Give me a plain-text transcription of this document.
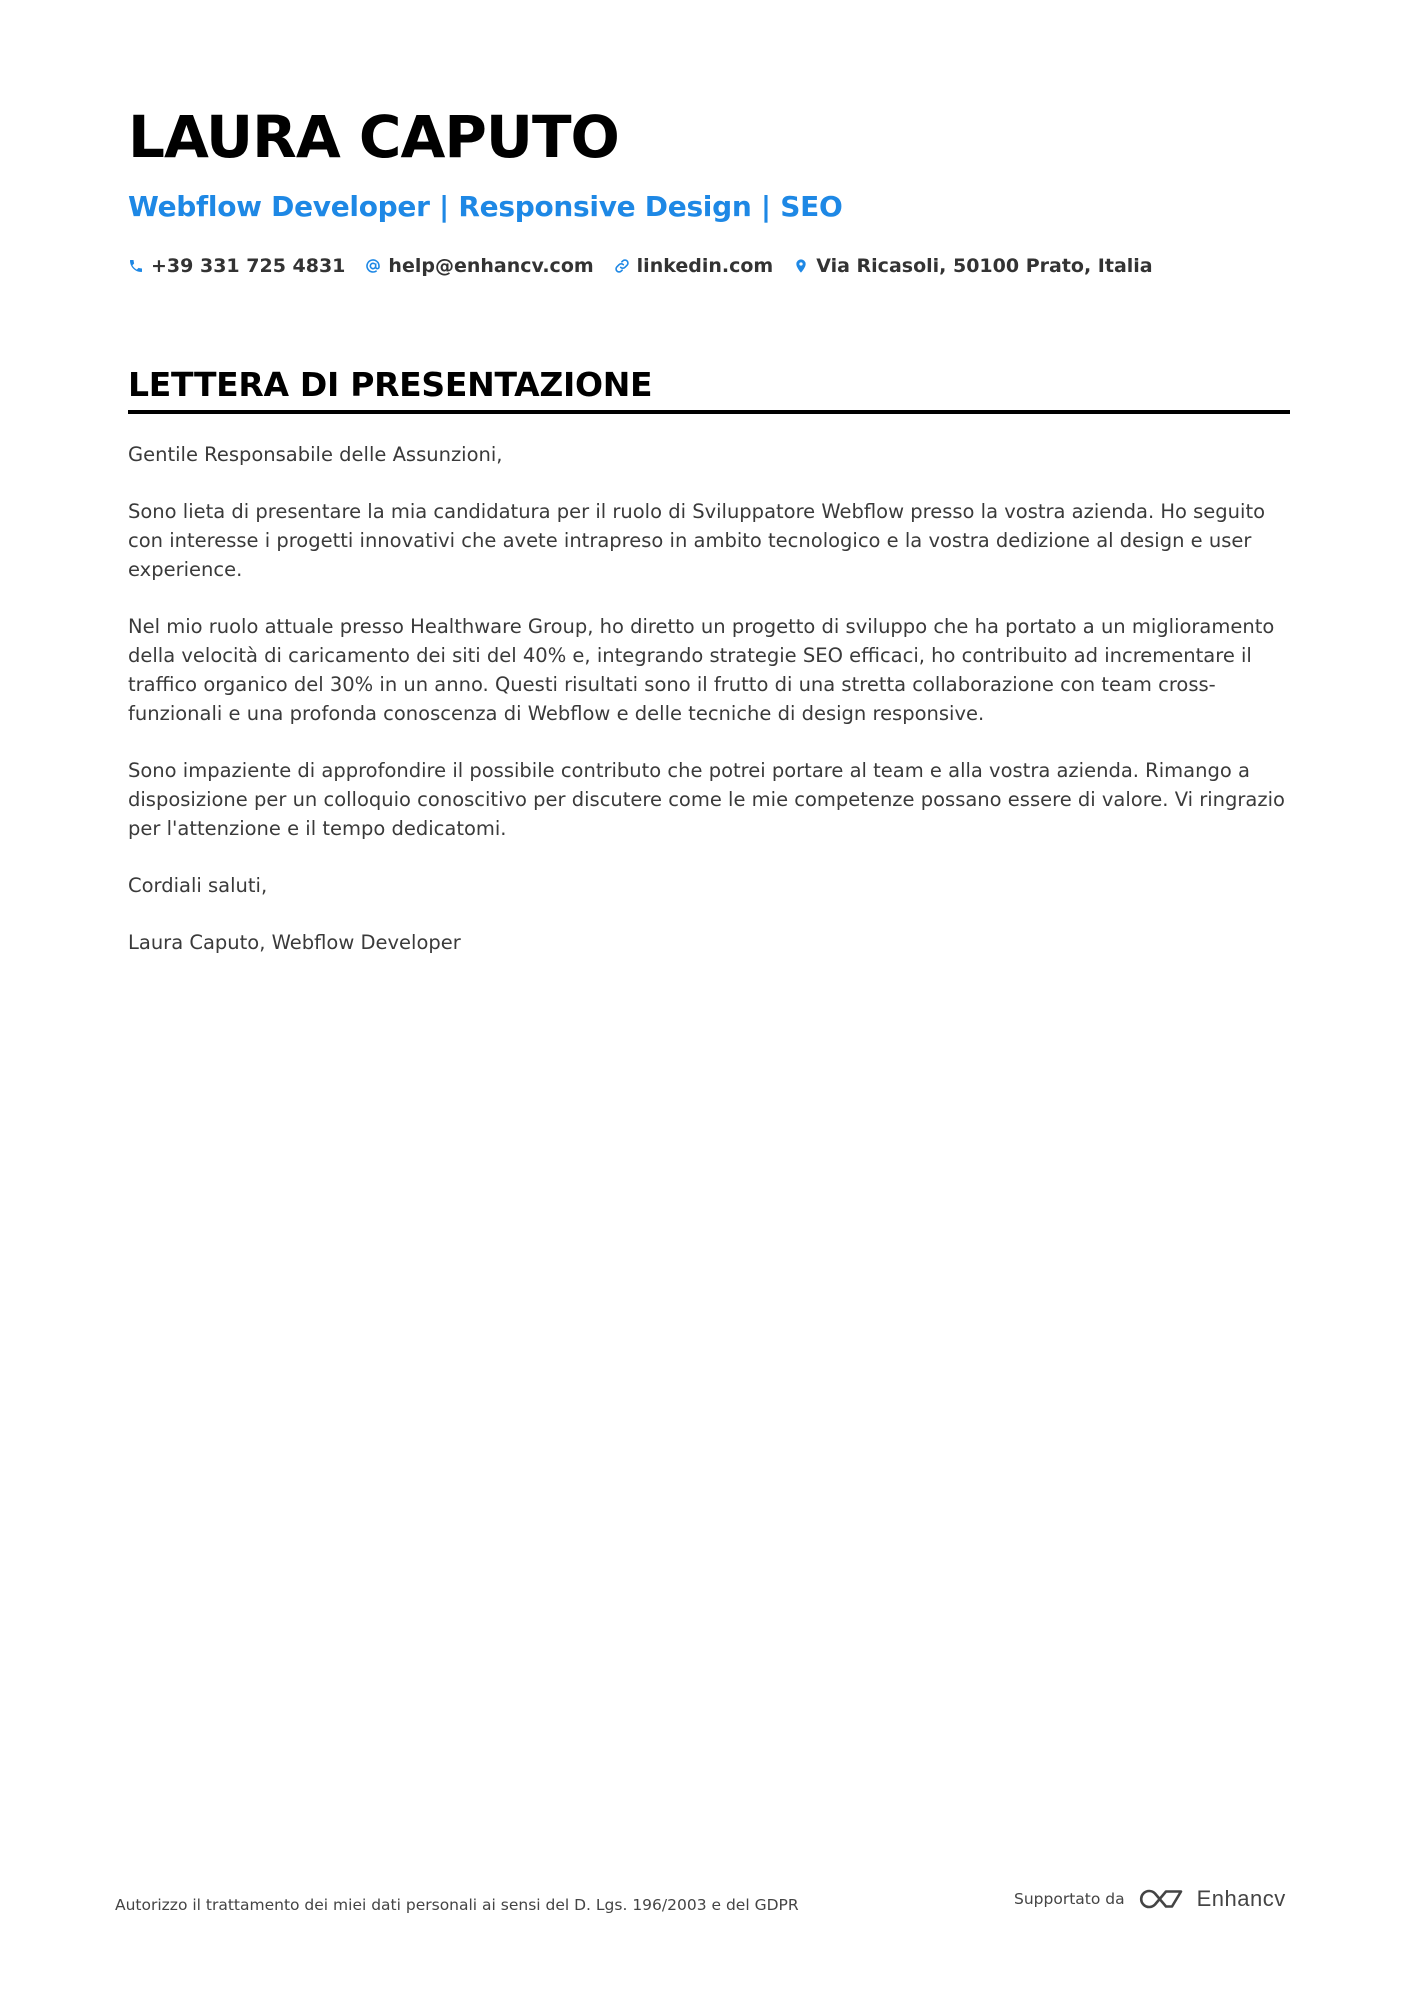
LAURA CAPUTO
Webflow Developer | Responsive Design | SEO
+39 331 725 4831 help@enhancv.com linkedin.com Via Ricasoli, 50100 Prato, Italia
LETTERA DI PRESENTAZIONE

Gentile Responsabile delle Assunzioni,

Sono lieta di presentare la mia candidatura per il ruolo di Sviluppatore Webflow presso la vostra azienda. Ho seguito con interesse i progetti innovativi che avete intrapreso in ambito tecnologico e la vostra dedizione al design e user experience.

Nel mio ruolo attuale presso Healthware Group, ho diretto un progetto di sviluppo che ha portato a un miglioramento della velocità di caricamento dei siti del 40% e, integrando strategie SEO efficaci, ho contribuito ad incrementare il traffico organico del 30% in un anno. Questi risultati sono il frutto di una stretta collaborazione con team cross-funzionali e una profonda conoscenza di Webflow e delle tecniche di design responsive.

Sono impaziente di approfondire il possibile contributo che potrei portare al team e alla vostra azienda. Rimango a disposizione per un colloquio conoscitivo per discutere come le mie competenze possano essere di valore. Vi ringrazio per l'attenzione e il tempo dedicatomi.

Cordiali saluti,

Laura Caputo, Webflow Developer

Autorizzo il trattamento dei miei dati personali ai sensi del D. Lgs. 196/2003 e del GDPR	Supportato da	Enhancv
